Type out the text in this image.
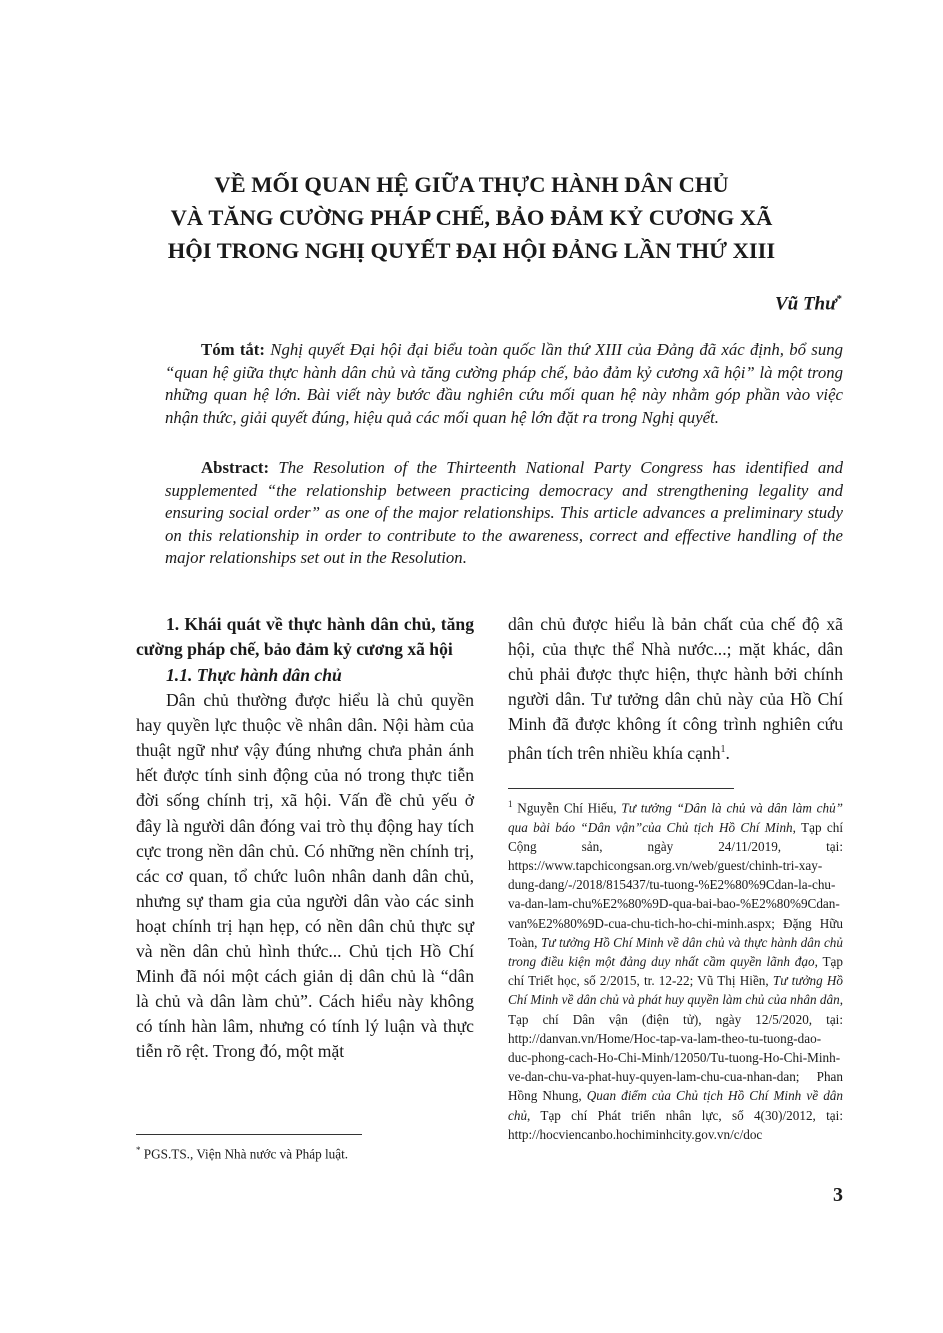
VỀ MỐI QUAN HỆ GIỮA THỰC HÀNH DÂN CHỦ
VÀ TĂNG CƯỜNG PHÁP CHẾ, BẢO ĐẢM KỶ CƯƠNG XÃ
HỘI TRONG NGHỊ QUYẾT ĐẠI HỘI ĐẢNG LẦN THỨ XIII
Vũ Thư*

Tóm tắt: Nghị quyết Đại hội đại biểu toàn quốc lần thứ XIII của Đảng đã xác định, bổ sung “quan hệ giữa thực hành dân chủ và tăng cường pháp chế, bảo đảm kỷ cương xã hội” là một trong những quan hệ lớn. Bài viết này bước đầu nghiên cứu mối quan hệ này nhằm góp phần vào việc nhận thức, giải quyết đúng, hiệu quả các mối quan hệ lớn đặt ra trong Nghị quyết.

Abstract: The Resolution of the Thirteenth National Party Congress has identified and supplemented “the relationship between practicing democracy and strengthening legality and ensuring social order” as one of the major relationships. This article advances a preliminary study on this relationship in order to contribute to the awareness, correct and effective handling of the major relationships set out in the Resolution.

1. Khái quát về thực hành dân chủ, tăng cường pháp chế, bảo đảm kỷ cương xã hội

1.1. Thực hành dân chủ

Dân chủ thường được hiểu là chủ quyền hay quyền lực thuộc về nhân dân. Nội hàm của thuật ngữ như vậy đúng nhưng chưa phản ánh hết được tính sinh động của nó trong thực tiễn đời sống chính trị, xã hội. Vấn đề chủ yếu ở đây là người dân đóng vai trò thụ động hay tích cực trong nền dân chủ. Có những nền chính trị, các cơ quan, tổ chức luôn nhân danh dân chủ, nhưng sự tham gia của người dân vào các sinh hoạt chính trị hạn hẹp, có nền dân chủ thực sự và nền dân chủ hình thức... Chủ tịch Hồ Chí Minh đã nói một cách giản dị dân chủ là “dân là chủ và dân làm chủ”. Cách hiểu này không có tính hàn lâm, nhưng có tính lý luận và thực tiễn rõ rệt. Trong đó, một mặt

dân chủ được hiểu là bản chất của chế độ xã hội, của thực thể Nhà nước...; mặt khác, dân chủ phải được thực hiện, thực hành bởi chính người dân. Tư tưởng dân chủ này của Hồ Chí Minh đã được không ít công trình nghiên cứu phân tích trên nhiều khía cạnh$^1$.

$^1$ Nguyễn Chí Hiếu, Tư tưởng “Dân là chủ và dân làm chủ” qua bài báo “Dân vận”của Chủ tịch Hồ Chí Minh, Tạp chí Cộng sản, ngày 24/11/2019, tại: https://www.tapchicongsan.org.vn/web/guest/chinh-tri-xay-dung-dang/-/2018/815437/tu-tuong-%E2%80%9Cdan-la-chu-va-dan-lam-chu%E2%80%9D-qua-bai-bao-%E2%80%9Cdan-van%E2%80%9D-cua-chu-tich-ho-chi-minh.aspx; Đặng Hữu Toàn, Tư tưởng Hồ Chí Minh về dân chủ và thực hành dân chủ trong điều kiện một đảng duy nhất cầm quyền lãnh đạo, Tạp chí Triết học, số 2/2015, tr. 12-22; Vũ Thị Hiền, Tư tưởng Hồ Chí Minh về dân chủ và phát huy quyền làm chủ của nhân dân, Tạp chí Dân vận (điện tử), ngày 12/5/2020, tại: http://danvan.vn/Home/Hoc-tap-va-lam-theo-tu-tuong-dao-duc-phong-cach-Ho-Chi-Minh/12050/Tu-tuong-Ho-Chi-Minh-ve-dan-chu-va-phat-huy-quyen-lam-chu-cua-nhan-dan; Phan Hồng Nhung, Quan điểm của Chủ tịch Hồ Chí Minh về dân chủ, Tạp chí Phát triển nhân lực, số 4(30)/2012, tại: http://hocviencanbo.hochiminhcity.gov.vn/c/doc
* PGS.TS., Viện Nhà nước và Pháp luật.
3
